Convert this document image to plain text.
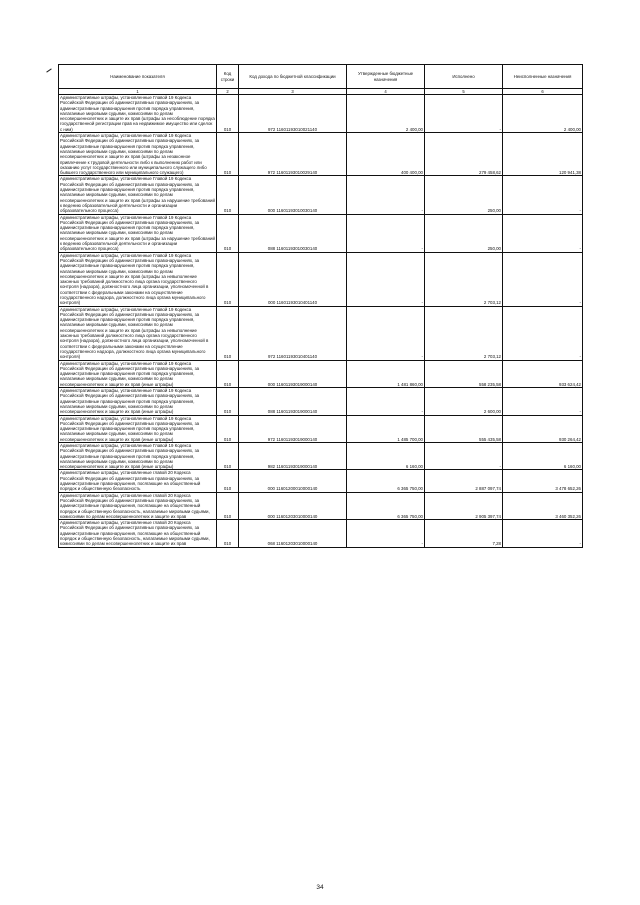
Наименование показателя	Код строки	Код дохода по бюджетной классификации	Утвержденные бюджетные назначения	Исполнено	Неисполненные назначения
1	2	3	4	5	6
Административные штрафы, установленные Главой 19 Кодекса Российской Федерации об административных правонарушениях, за административные правонарушения против порядка управления, налагаемые мировыми судьями, комиссиями по делам несовершеннолетних и защите их прав (штрафы за несоблюдение порядка государственной регистрации прав на недвижимое имущество или сделок с ним)	010	972 11601193010021140	2 400,00	-	2 400,00
Административные штрафы, установленные Главой 19 Кодекса Российской Федерации об административных правонарушениях, за административные правонарушения против порядка управления, налагаемые мировыми судьями, комиссиями по делам несовершеннолетних и защите их прав (штрафы за незаконное привлечение к трудовой деятельности либо к выполнению работ или оказанию услуг государственного или муниципального служащего либо бывшего государственного или муниципального служащего)	010	972 11601193010029140	400 400,00	279 458,62	120 941,38
Административные штрафы, установленные Главой 19 Кодекса Российской Федерации об административных правонарушениях, за административные правонарушения против порядка управления, налагаемые мировыми судьями, комиссиями по делам несовершеннолетних и защите их прав (штрафы за нарушение требований к ведению образовательной деятельности и организации образовательного процесса)	010	000 11601193010030140	-	250,00	-
Административные штрафы, установленные Главой 19 Кодекса Российской Федерации об административных правонарушениях, за административные правонарушения против порядка управления, налагаемые мировыми судьями, комиссиями по делам несовершеннолетних и защите их прав (штрафы за нарушение требований к ведению образовательной деятельности и организации образовательного процесса)	010	088 11601193010030140	-	250,00	-
Административные штрафы, установленные Главой 19 Кодекса Российской Федерации об административных правонарушениях, за административные правонарушения против порядка управления, налагаемые мировыми судьями, комиссиями по делам несовершеннолетних и защите их прав (штрафы за невыполнение законных требований должностного лица органа государственного контроля (надзора), должностного лица организации, уполномоченной в соответствии с федеральными законами на осуществление государственного надзора, должностного лица органа муниципального контроля)	010	000 11601193010401140	-	2 703,12	-
Административные штрафы, установленные Главой 19 Кодекса Российской Федерации об административных правонарушениях, за административные правонарушения против порядка управления, налагаемые мировыми судьями, комиссиями по делам несовершеннолетних и защите их прав (штрафы за невыполнение законных требований должностного лица органа государственного контроля (надзора), должностного лица организации, уполномоченной в соответствии с федеральными законами на осуществление государственного надзора, должностного лица органа муниципального контроля)	010	972 11601193010401140	-	2 703,12	-
Административные штрафы, установленные Главой 19 Кодекса Российской Федерации об административных правонарушениях, за административные правонарушения против порядка управления, налагаемые мировыми судьями, комиссиями по делам несовершеннолетних и защите их прав (иные штрафы)	010	000 11601193019000140	1 481 860,00	558 235,58	933 624,42
Административные штрафы, установленные Главой 19 Кодекса Российской Федерации об административных правонарушениях, за административные правонарушения против порядка управления, налагаемые мировыми судьями, комиссиями по делам несовершеннолетних и защите их прав (иные штрафы)	010	088 11601193019000140	-	2 600,00	-
Административные штрафы, установленные Главой 19 Кодекса Российской Федерации об административных правонарушениях, за административные правонарушения против порядка управления, налагаемые мировыми судьями, комиссиями по делам несовершеннолетних и защите их прав (иные штрафы)	010	972 11601193019000140	1 485 700,00	555 435,58	930 264,42
Административные штрафы, установленные Главой 19 Кодекса Российской Федерации об административных правонарушениях, за административные правонарушения против порядка управления, налагаемые мировыми судьями, комиссиями по делам несовершеннолетних и защите их прав (иные штрафы)	010	982 11601193019000140	6 160,00	-	6 160,00
Административные штрафы, установленные главой 20 Кодекса Российской Федерации об административных правонарушениях, за административные правонарушения, посягающие на общественный порядок и общественную безопасность	010	000 11601200010000140	6 365 750,00	2 887 097,74	3 478 652,26
Административные штрафы, установленные главой 20 Кодекса Российской Федерации об административных правонарушениях, за административные правонарушения, посягающие на общественный порядок и общественную безопасность, налагаемые мировыми судьями, комиссиями по делам несовершеннолетних и защите их прав	010	000 11601203010000140	6 365 750,00	2 905 397,74	3 460 352,26
Административные штрафы, установленные главой 20 Кодекса Российской Федерации об административных правонарушениях, за административные правонарушения, посягающие на общественный порядок и общественную безопасность, налагаемые мировыми судьями, комиссиями по делам несовершеннолетних и защите их прав	010	068 11601203010000140	-	7,28	-
34
